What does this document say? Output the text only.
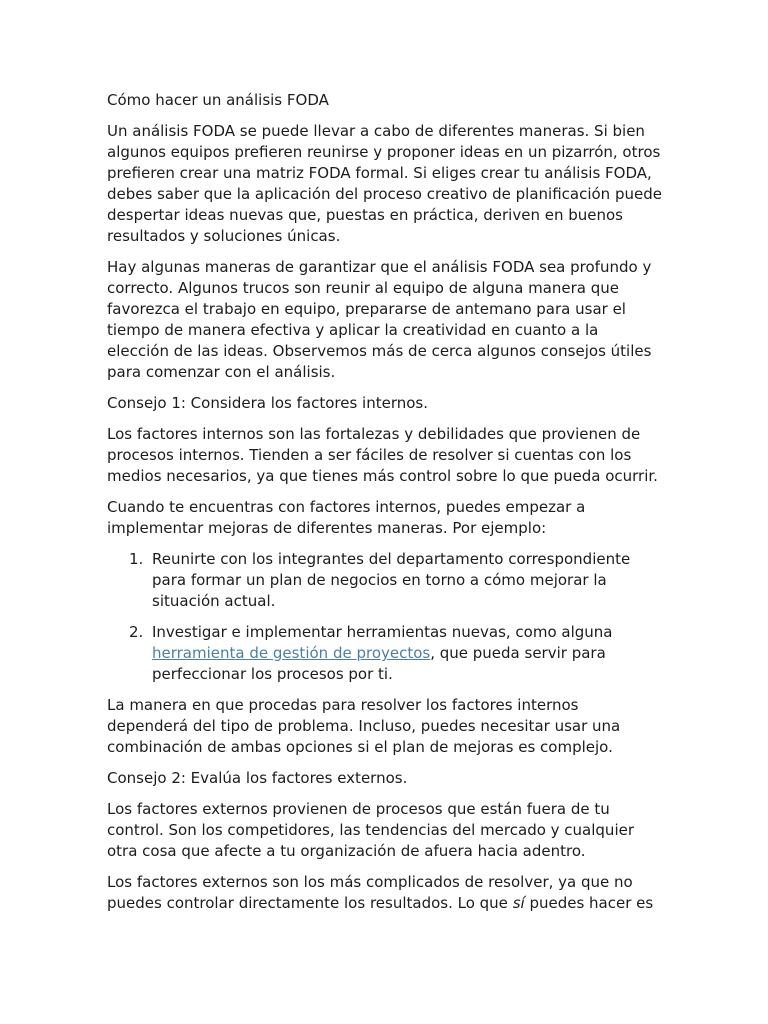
Cómo hacer un análisis FODA

Un análisis FODA se puede llevar a cabo de diferentes maneras. Si bien algunos equipos prefieren reunirse y proponer ideas en un pizarrón, otros prefieren crear una matriz FODA formal. Si eliges crear tu análisis FODA, debes saber que la aplicación del proceso creativo de planificación puede despertar ideas nuevas que, puestas en práctica, deriven en buenos resultados y soluciones únicas.

Hay algunas maneras de garantizar que el análisis FODA sea profundo y correcto. Algunos trucos son reunir al equipo de alguna manera que favorezca el trabajo en equipo, prepararse de antemano para usar el tiempo de manera efectiva y aplicar la creatividad en cuanto a la elección de las ideas. Observemos más de cerca algunos consejos útiles para comenzar con el análisis.

Consejo 1: Considera los factores internos.

Los factores internos son las fortalezas y debilidades que provienen de procesos internos. Tienden a ser fáciles de resolver si cuentas con los medios necesarios, ya que tienes más control sobre lo que pueda ocurrir.

Cuando te encuentras con factores internos, puedes empezar a implementar mejoras de diferentes maneras. Por ejemplo:

1. Reunirte con los integrantes del departamento correspondiente para formar un plan de negocios en torno a cómo mejorar la situación actual.
2. Investigar e implementar herramientas nuevas, como alguna herramienta de gestión de proyectos, que pueda servir para perfeccionar los procesos por ti.

La manera en que procedas para resolver los factores internos dependerá del tipo de problema. Incluso, puedes necesitar usar una combinación de ambas opciones si el plan de mejoras es complejo.

Consejo 2: Evalúa los factores externos.

Los factores externos provienen de procesos que están fuera de tu control. Son los competidores, las tendencias del mercado y cualquier otra cosa que afecte a tu organización de afuera hacia adentro.

Los factores externos son los más complicados de resolver, ya que no puedes controlar directamente los resultados. Lo que sí puedes hacer es
